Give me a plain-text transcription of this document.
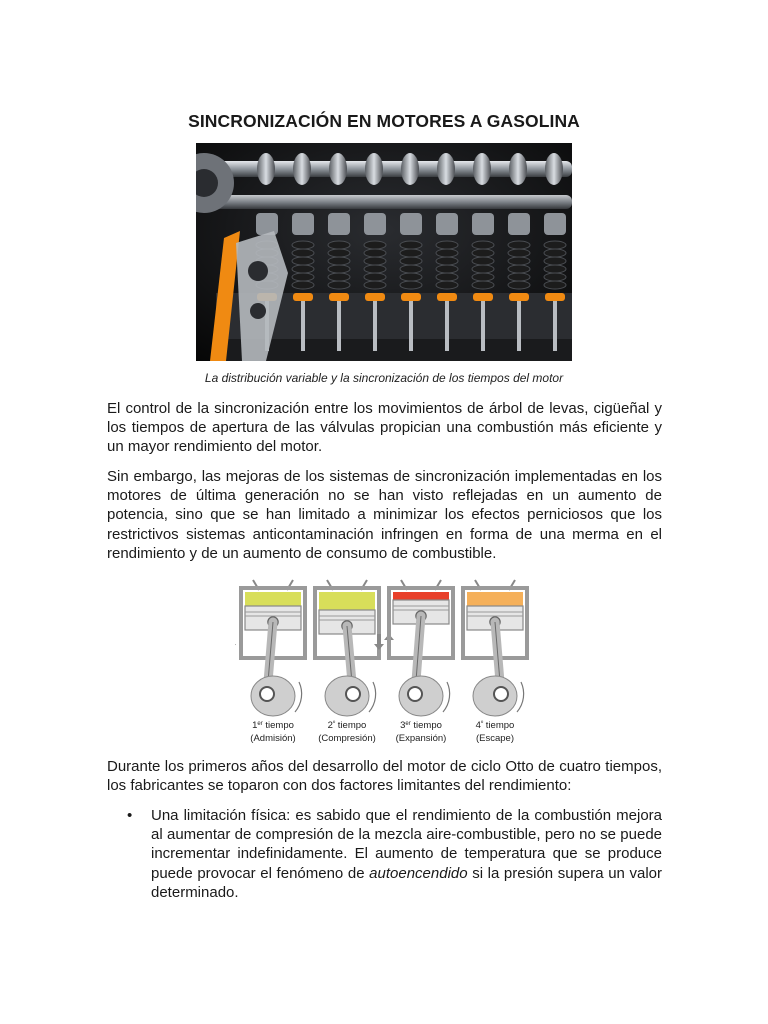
SINCRONIZACIÓN EN MOTORES A GASOLINA
La distribución variable y la sincronización de los tiempos del motor

El control de la sincronización entre los movimientos de árbol de levas, cigüeñal y los tiempos de apertura de las válvulas propician una combustión más eficiente y un mayor rendimiento del motor.

Sin embargo, las mejoras de los sistemas de sincronización implementadas en los motores de última generación no se han visto reflejadas en un aumento de potencia, sino que se han limitado a minimizar los efectos perniciosos que los restrictivos sistemas anticontaminación infringen en forma de una merma en el rendimiento y de un aumento de consumo de combustible.

1er tiempo
(Admisión)
$2^º$ tiempo
(Compresión)
3er tiempo
(Expansión)
$4^º$ tiempo
(Escape)

Durante los primeros años del desarrollo del motor de ciclo Otto de cuatro tiempos, los fabricantes se toparon con dos factores limitantes del rendimiento:

• Una limitación física: es sabido que el rendimiento de la combustión mejora al aumentar de compresión de la mezcla aire-combustible, pero no se puede incrementar indefinidamente. El aumento de temperatura que se produce puede provocar el fenómeno de autoencendido si la presión supera un valor determinado.
